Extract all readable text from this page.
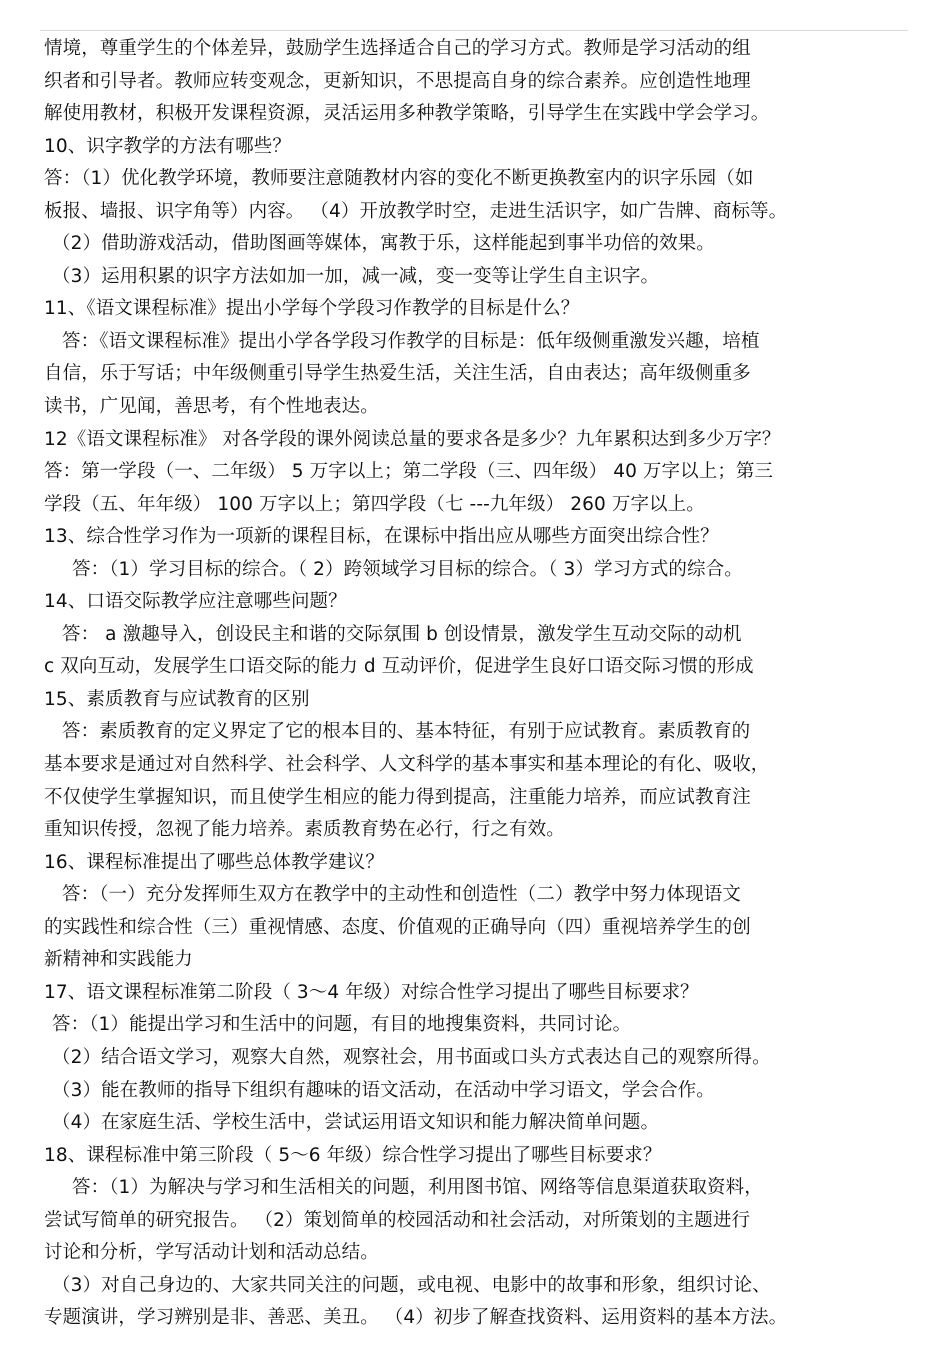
情境，尊重学生的个体差异，鼓励学生选择适合自己的学习方式。教师是学习活动的组
织者和引导者。教师应转变观念，更新知识，不思提高自身的综合素养。应创造性地理
解使用教材，积极开发课程资源，灵活运用多种教学策略，引导学生在实践中学会学习。
10、识字教学的方法有哪些？
答：（1）优化教学环境，教师要注意随教材内容的变化不断更换教室内的识字乐园（如
板报、墙报、识字角等）内容。 （4）开放教学时空，走进生活识字，如广告牌、商标等。
（2）借助游戏活动，借助图画等媒体，寓教于乐，这样能起到事半功倍的效果。
（3）运用积累的识字方法如加一加，减一减，变一变等让学生自主识字。
11、《语文课程标准》提出小学每个学段习作教学的目标是什么？
答：《语文课程标准》提出小学各学段习作教学的目标是：低年级侧重激发兴趣，培植
自信，乐于写话；中年级侧重引导学生热爱生活，关注生活，自由表达；高年级侧重多
读书，广见闻，善思考，有个性地表达。
12《语文课程标准》 对各学段的课外阅读总量的要求各是多少？九年累积达到多少万字？
答：第一学段（一、二年级） 5 万字以上；第二学段（三、四年级） 40 万字以上；第三
学段（五、年年级） 100 万字以上；第四学段（七 ---九年级） 260 万字以上。
13、综合性学习作为一项新的课程目标，在课标中指出应从哪些方面突出综合性？
答：（1）学习目标的综合。（ 2）跨领域学习目标的综合。（ 3）学习方式的综合。
14、口语交际教学应注意哪些问题？
答： a 激趣导入，创设民主和谐的交际氛围 b 创设情景，激发学生互动交际的动机
c 双向互动，发展学生口语交际的能力 d 互动评价，促进学生良好口语交际习惯的形成
15、素质教育与应试教育的区别
答：素质教育的定义界定了它的根本目的、基本特征，有别于应试教育。素质教育的
基本要求是通过对自然科学、社会科学、人文科学的基本事实和基本理论的有化、吸收，
不仅使学生掌握知识，而且使学生相应的能力得到提高，注重能力培养，而应试教育注
重知识传授，忽视了能力培养。素质教育势在必行，行之有效。
16、课程标准提出了哪些总体教学建议？
答：（一）充分发挥师生双方在教学中的主动性和创造性（二）教学中努力体现语文
的实践性和综合性（三）重视情感、态度、价值观的正确导向（四）重视培养学生的创
新精神和实践能力
17、语文课程标准第二阶段（ 3～4 年级）对综合性学习提出了哪些目标要求？
答：（1）能提出学习和生活中的问题，有目的地搜集资料，共同讨论。
（2）结合语文学习，观察大自然，观察社会，用书面或口头方式表达自己的观察所得。
（3）能在教师的指导下组织有趣味的语文活动，在活动中学习语文，学会合作。
（4）在家庭生活、学校生活中，尝试运用语文知识和能力解决简单问题。
18、课程标准中第三阶段（ 5～6 年级）综合性学习提出了哪些目标要求？
答：（1）为解决与学习和生活相关的问题，利用图书馆、网络等信息渠道获取资料，
尝试写简单的研究报告。 （2）策划简单的校园活动和社会活动，对所策划的主题进行
讨论和分析，学写活动计划和活动总结。
（3）对自己身边的、大家共同关注的问题，或电视、电影中的故事和形象，组织讨论、
专题演讲，学习辨别是非、善恶、美丑。 （4）初步了解查找资料、运用资料的基本方法。
